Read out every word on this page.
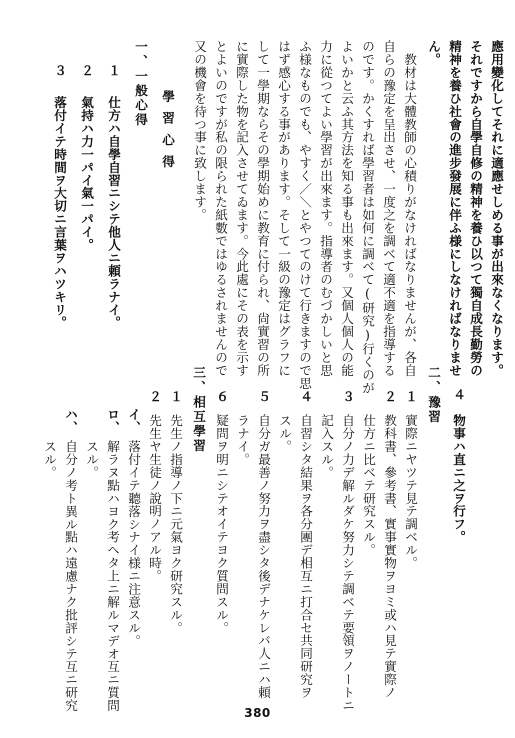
應用變化してそれに適應せしめる事が出來なくなります。
それですから自學自修の精神を養ひ以つて獨自成長勤勞の
精神を養ひ社會の進步發展に伴ふ様にしなければなりませ
ん。
　教材は大體教師の心積りがなければなりませんが、各自
自らの豫定を呈出させ、一度之を調べて適不適を指導する
のです。かくすれば學習者は如何に調べて(研究)行くのが
よいかと云ふ其方法を知る事も出來ます。又個人個人の能
力に從つてよい學習が出來ます。指導者のむづかしいと思
ふ様なものでも、やすく／＼とやつてのけて行きますので思
はず感心する事があります。そして一級の豫定はグラフに
して一學期ならその學期始めに教育に付られ、尙實習の所
に實際した物を記入させてゐます。今此處にその表を示す
とよいのですが私の限られた紙數ではゆるされませんので
又の機會を待つ事に致します。
學習心得
一、一般心得
１
仕方ハ自學自習ニシテ他人ニ頼ラナイ。
２
氣持ハ力一パイ氣一パイ。
３
落付イテ時間ヲ大切ニ言葉ヲハツキリ。
４
物事ハ直ニ之ヲ行フ。
二、豫習
１
實際ニヤツテ見テ調ベル。
２
教科書、參考書、實事實物ヲヨミ或ハ見テ實際ノ
仕方ニ比ベテ研究スル。
３
自分ノ力デ解ルダケ努力シテ調ベテ要領ヲノートニ
記入スル。
４
自習シタ結果ヲ各分團デ相互ニ打合セ共同研究ヲ
スル。
５
自分ガ最善ノ努力ヲ盡シタ後デナケレバ人ニハ頼
ラナイ。
６
疑問ヲ明ニシテオイテヨク質問スル。
三、相互學習
１
先生ノ指導ノ下ニ元氣ヨク研究スル。
２
先生ヤ生徒ノ說明ノアル時。
イ、
落付イテ聽落シナイ様ニ注意スル。
ロ、
解ラヌ點ハヨク考ヘタ上ニ解ルマデオ互ニ質問
スル。
ハ、
自分ノ考ト異ル點ハ遠慮ナク批評シテ互ニ研究
スル。
380
